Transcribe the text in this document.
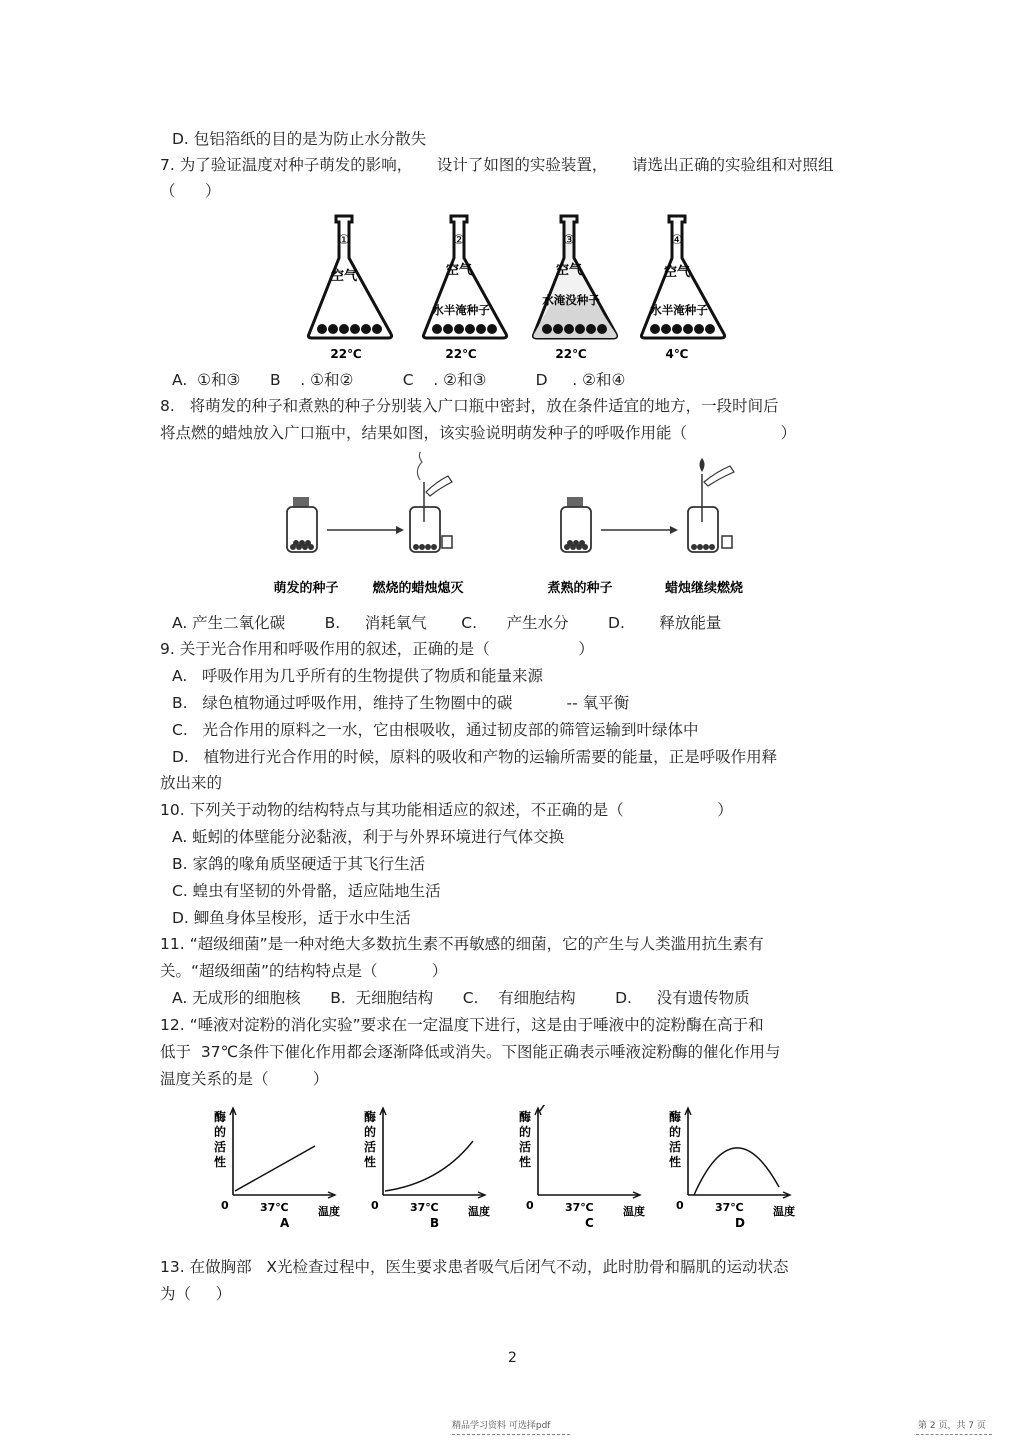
D. 包铝箔纸的目的是为防止水分散失
7. 为了验证温度对种子萌发的影响，     设计了如图的实验装置，     请选出正确的实验组和对照组
（      ）
①
空气
22℃
②
空气
水半淹种子
22℃
③
空气
水淹没种子
22℃
④
空气
水半淹种子
4℃
A.  ①和③      B    . ①和②          C    . ②和③          D     . ②和④
8.   将萌发的种子和煮熟的种子分别装入广口瓶中密封，放在条件适宜的地方，一段时间后
将点燃的蜡烛放入广口瓶中，结果如图，该实验说明萌发种子的呼吸作用能（                   ）
萌发的种子	燃烧的蜡烛熄灭	煮熟的种子	蜡烛继续燃烧
A. 产生二氧化碳        B.     消耗氧气       C.      产生水分        D.       释放能量
9. 关于光合作用和呼吸作用的叙述，正确的是（                  ）
A.   呼吸作用为几乎所有的生物提供了物质和能量来源
B.   绿色植物通过呼吸作用，维持了生物圈中的碳           -- 氧平衡
C.   光合作用的原料之一水，它由根吸收，通过韧皮部的筛管运输到叶绿体中
D.   植物进行光合作用的时候，原料的吸收和产物的运输所需要的能量，正是呼吸作用释
放出来的
10. 下列关于动物的结构特点与其功能相适应的叙述，不正确的是（                   ）
A. 蚯蚓的体壁能分泌黏液，利于与外界环境进行气体交换
B. 家鸽的喙角质坚硬适于其飞行生活
C. 蝗虫有坚韧的外骨骼，适应陆地生活
D. 鲫鱼身体呈梭形，适于水中生活
11. “超级细菌”是一种对绝大多数抗生素不再敏感的细菌，它的产生与人类滥用抗生素有
关。“超级细菌”的结构特点是（           ）
A. 无成形的细胞核      B.  无细胞结构      C.    有细胞结构        D.     没有遗传物质
12. “唾液对淀粉的消化实验”要求在一定温度下进行，这是由于唾液中的淀粉酶在高于和
低于  37℃条件下催化作用都会逐渐降低或消失。下图能正确表示唾液淀粉酶的催化作用与
温度关系的是（         ）
酶
的
活
性
0	37℃	温度
A
酶
的
活
性
0	37℃	温度
B
酶
的
活
性
0	37℃	温度
C
酶
的
活
性
0	37℃	温度
D
13. 在做胸部   X光检查过程中，医生要求患者吸气后闭气不动，此时肋骨和膈肌的运动状态
为（     ）
2
精品学习资料 可选择pdf	第 2 页，共 7 页
